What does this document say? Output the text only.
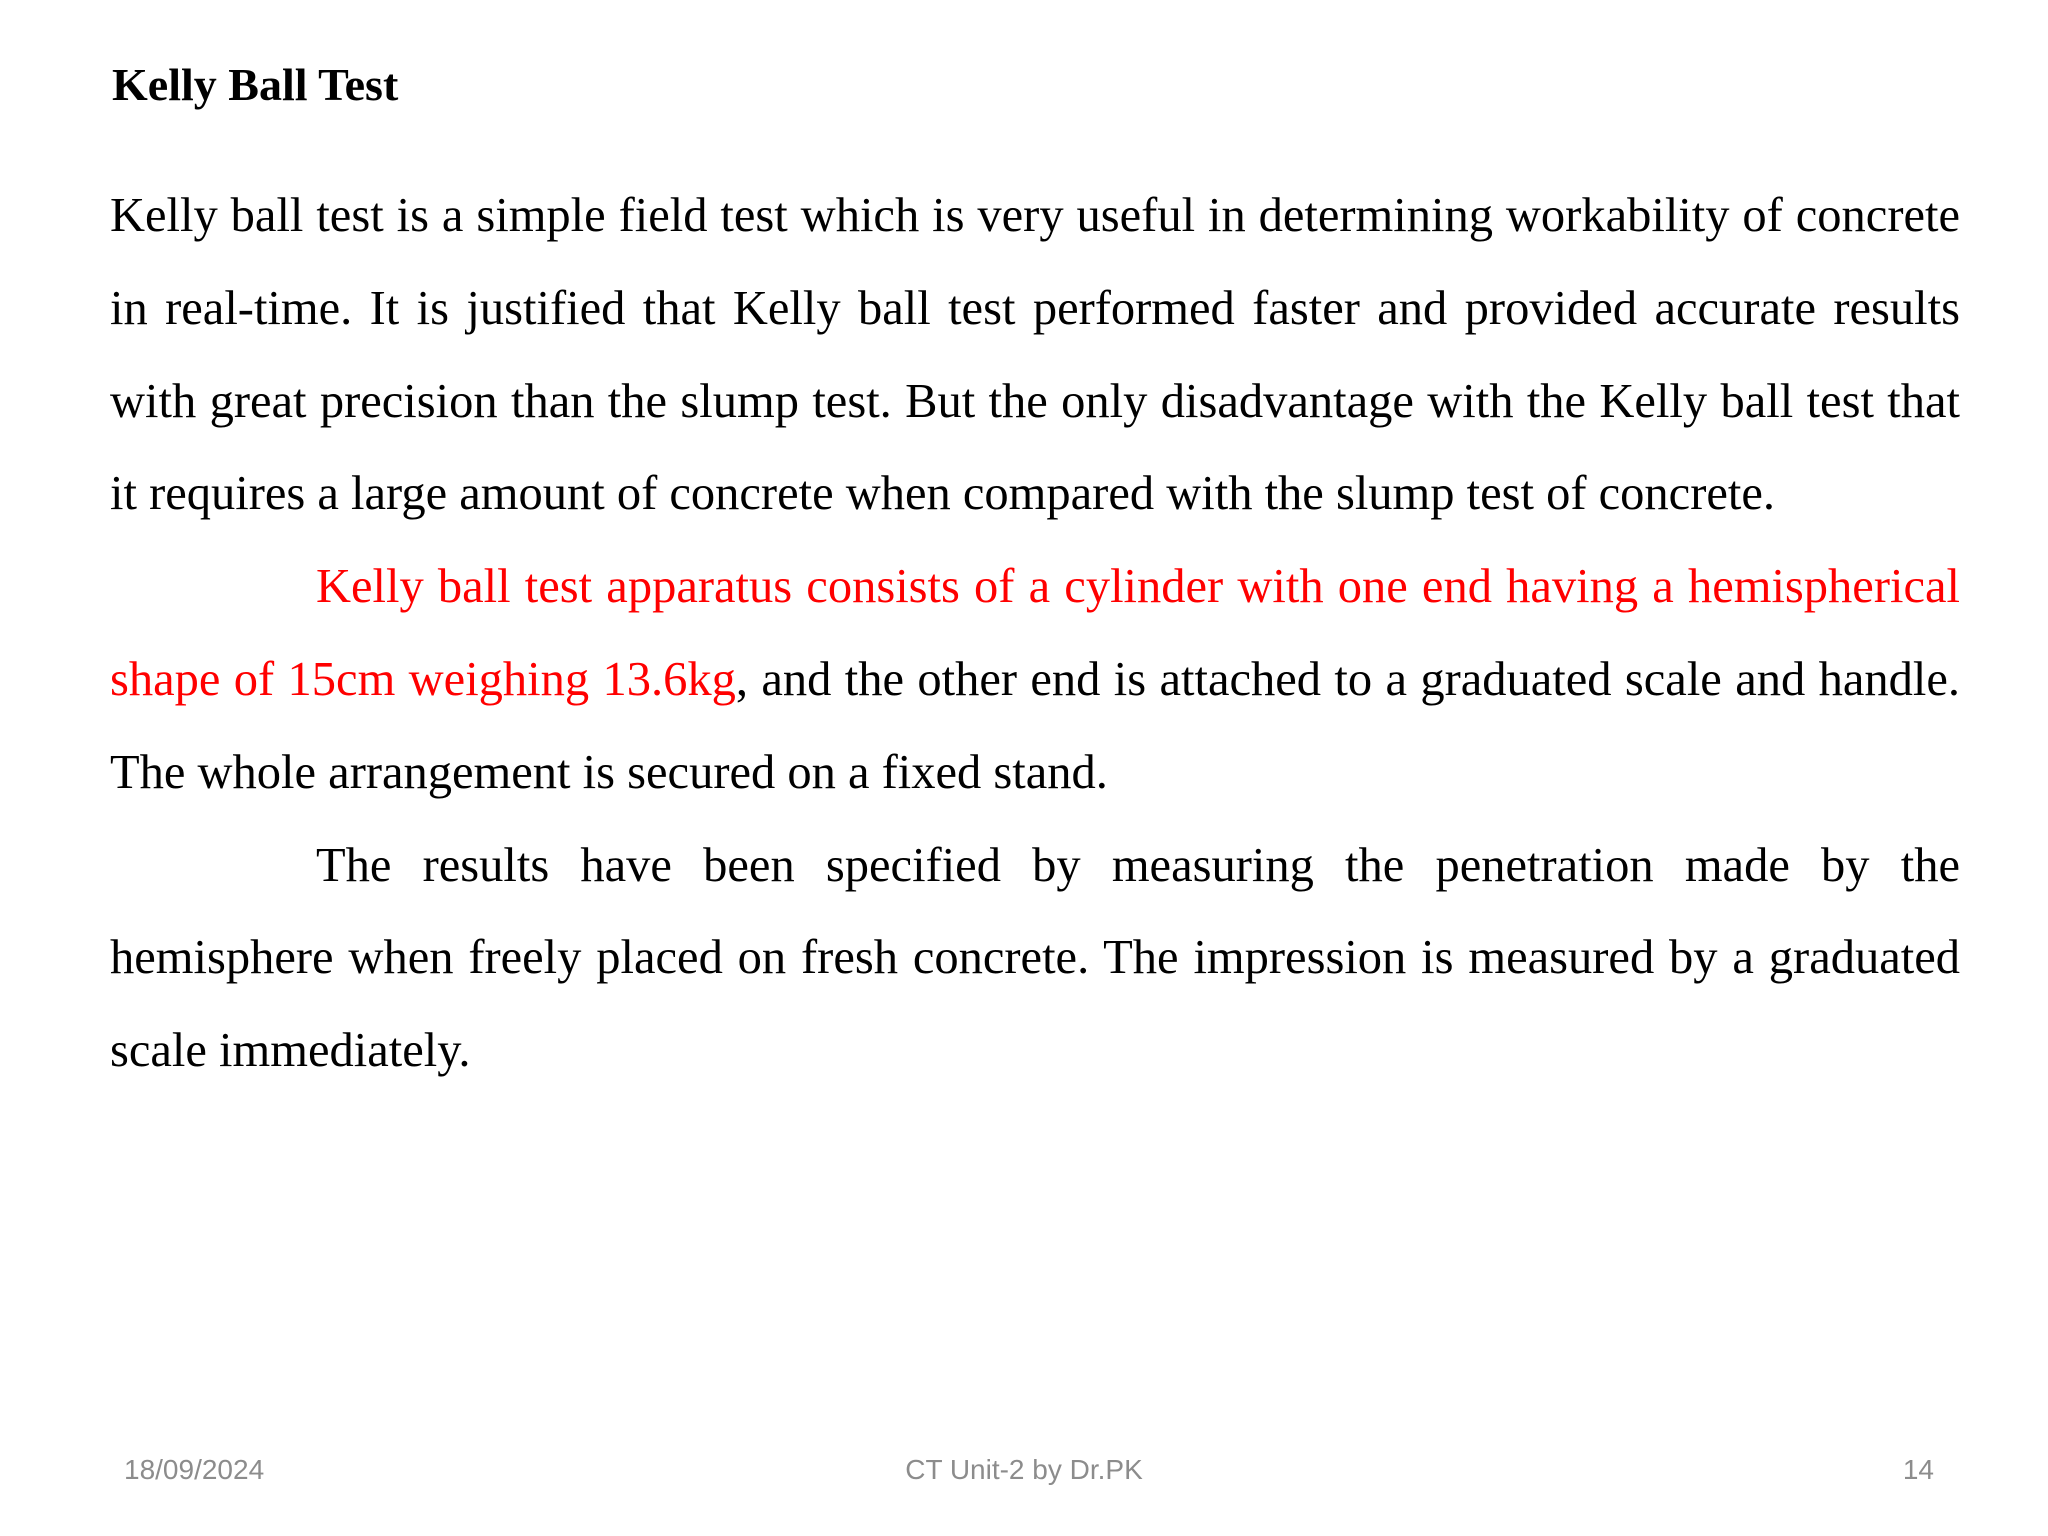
Kelly Ball Test

Kelly ball test is a simple field test which is very useful in determining workability of concrete in real-time. It is justified that Kelly ball test performed faster and provided accurate results with great precision than the slump test. But the only disadvantage with the Kelly ball test that it requires a large amount of concrete when compared with the slump test of concrete.

Kelly ball test apparatus consists of a cylinder with one end having a hemispherical shape of 15cm weighing 13.6kg, and the other end is attached to a graduated scale and handle. The whole arrangement is secured on a fixed stand.

The results have been specified by measuring the penetration made by the hemisphere when freely placed on fresh concrete. The impression is measured by a graduated scale immediately.

18/09/2024	CT Unit-2 by Dr.PK	14
